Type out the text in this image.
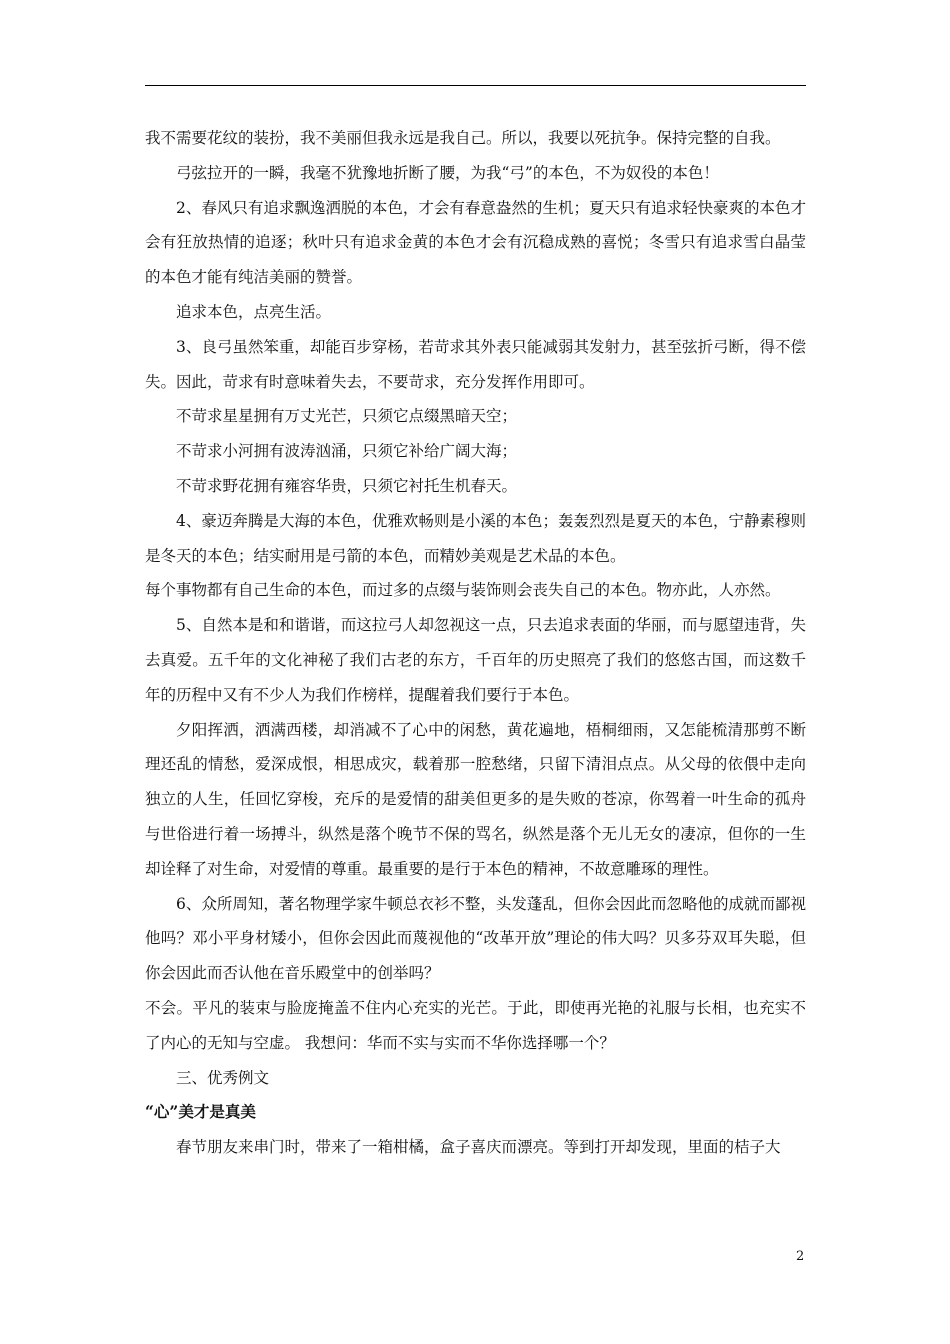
我不需要花纹的装扮，我不美丽但我永远是我自己。所以，我要以死抗争。保持完整的自我。

弓弦拉开的一瞬，我毫不犹豫地折断了腰，为我“弓”的本色，不为奴役的本色！

2、春风只有追求飘逸洒脱的本色，才会有春意盎然的生机；夏天只有追求轻快豪爽的本色才会有狂放热情的追逐；秋叶只有追求金黄的本色才会有沉稳成熟的喜悦；冬雪只有追求雪白晶莹的本色才能有纯洁美丽的赞誉。

追求本色，点亮生活。

3、良弓虽然笨重，却能百步穿杨，若苛求其外表只能减弱其发射力，甚至弦折弓断，得不偿失。因此，苛求有时意味着失去，不要苛求，充分发挥作用即可。

不苛求星星拥有万丈光芒，只须它点缀黑暗天空；

不苛求小河拥有波涛汹涌，只须它补给广阔大海；

不苛求野花拥有雍容华贵，只须它衬托生机春天。

4、豪迈奔腾是大海的本色，优雅欢畅则是小溪的本色；轰轰烈烈是夏天的本色，宁静素穆则是冬天的本色；结实耐用是弓箭的本色，而精妙美观是艺术品的本色。

每个事物都有自己生命的本色，而过多的点缀与装饰则会丧失自己的本色。物亦此，人亦然。

5、自然本是和和谐谐，而这拉弓人却忽视这一点，只去追求表面的华丽，而与愿望违背，失去真爱。五千年的文化神秘了我们古老的东方，千百年的历史照亮了我们的悠悠古国，而这数千年的历程中又有不少人为我们作榜样，提醒着我们要行于本色。

夕阳挥洒，洒满西楼，却消减不了心中的闲愁，黄花遍地，梧桐细雨，又怎能梳清那剪不断理还乱的情愁，爱深成恨，相思成灾，载着那一腔愁绪，只留下清泪点点。从父母的依偎中走向独立的人生，任回忆穿梭，充斥的是爱情的甜美但更多的是失败的苍凉，你驾着一叶生命的孤舟与世俗进行着一场搏斗，纵然是落个晚节不保的骂名，纵然是落个无儿无女的凄凉，但你的一生却诠释了对生命，对爱情的尊重。最重要的是行于本色的精神，不故意雕琢的理性。

6、众所周知，著名物理学家牛顿总衣衫不整，头发蓬乱，但你会因此而忽略他的成就而鄙视他吗？邓小平身材矮小，但你会因此而蔑视他的“改革开放”理论的伟大吗？贝多芬双耳失聪，但你会因此而否认他在音乐殿堂中的创举吗？

不会。平凡的装束与脸庞掩盖不住内心充实的光芒。于此，即使再光艳的礼服与长相，也充实不了内心的无知与空虚。 我想问：华而不实与实而不华你选择哪一个？

三、优秀例文

“心”美才是真美

春节朋友来串门时，带来了一箱柑橘，盒子喜庆而漂亮。等到打开却发现，里面的桔子大

2
